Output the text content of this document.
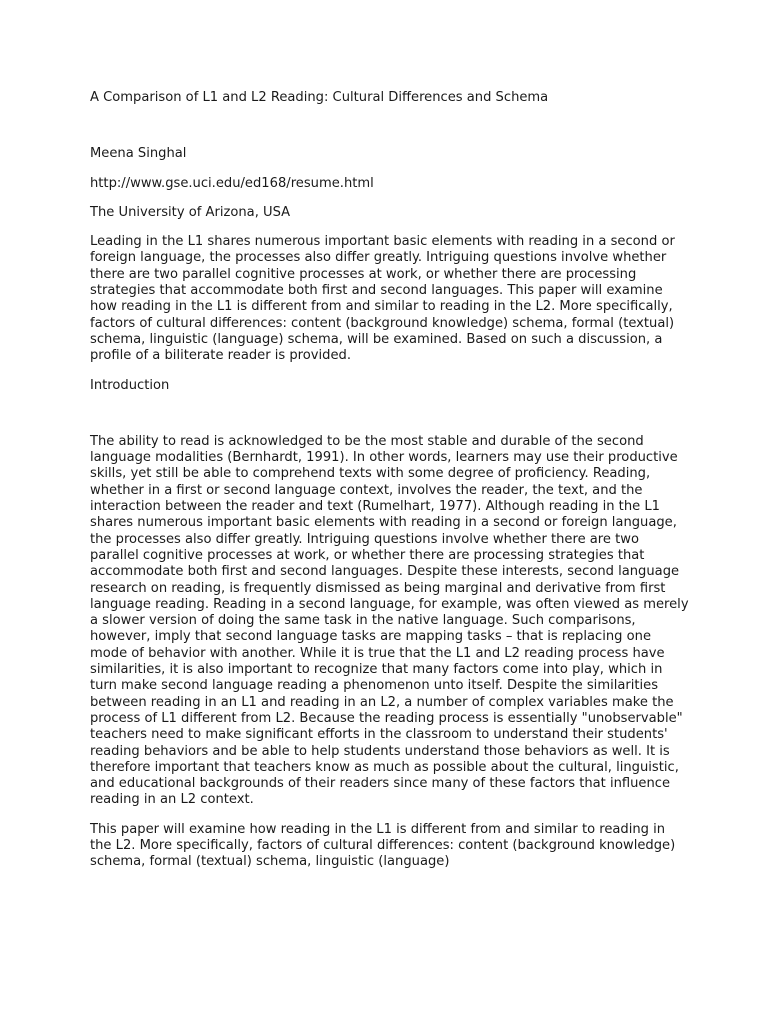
A Comparison of L1 and L2 Reading: Cultural Differences and Schema

Meena Singhal

http://www.gse.uci.edu/ed168/resume.html

The University of Arizona, USA

Leading in the L1 shares numerous important basic elements with reading in a second or foreign language, the processes also differ greatly. Intriguing questions involve whether there are two parallel cognitive processes at work, or whether there are processing strategies that accommodate both first and second languages. This paper will examine how reading in the L1 is different from and similar to reading in the L2. More specifically, factors of cultural differences: content (background knowledge) schema, formal (textual) schema, linguistic (language) schema, will be examined. Based on such a discussion, a profile of a biliterate reader is provided.

Introduction

The ability to read is acknowledged to be the most stable and durable of the second language modalities (Bernhardt, 1991). In other words, learners may use their productive skills, yet still be able to comprehend texts with some degree of proficiency. Reading, whether in a first or second language context, involves the reader, the text, and the interaction between the reader and text (Rumelhart, 1977). Although reading in the L1 shares numerous important basic elements with reading in a second or foreign language, the processes also differ greatly. Intriguing questions involve whether there are two parallel cognitive processes at work, or whether there are processing strategies that accommodate both first and second languages. Despite these interests, second language research on reading, is frequently dismissed as being marginal and derivative from first language reading. Reading in a second language, for example, was often viewed as merely a slower version of doing the same task in the native language. Such comparisons, however, imply that second language tasks are mapping tasks – that is replacing one mode of behavior with another. While it is true that the L1 and L2 reading process have similarities, it is also important to recognize that many factors come into play, which in turn make second language reading a phenomenon unto itself. Despite the similarities between reading in an L1 and reading in an L2, a number of complex variables make the process of L1 different from L2. Because the reading process is essentially "unobservable" teachers need to make significant efforts in the classroom to understand their students' reading behaviors and be able to help students understand those behaviors as well. It is therefore important that teachers know as much as possible about the cultural, linguistic, and educational backgrounds of their readers since many of these factors that influence reading in an L2 context.

This paper will examine how reading in the L1 is different from and similar to reading in the L2. More specifically, factors of cultural differences: content (background knowledge) schema, formal (textual) schema, linguistic (language)
